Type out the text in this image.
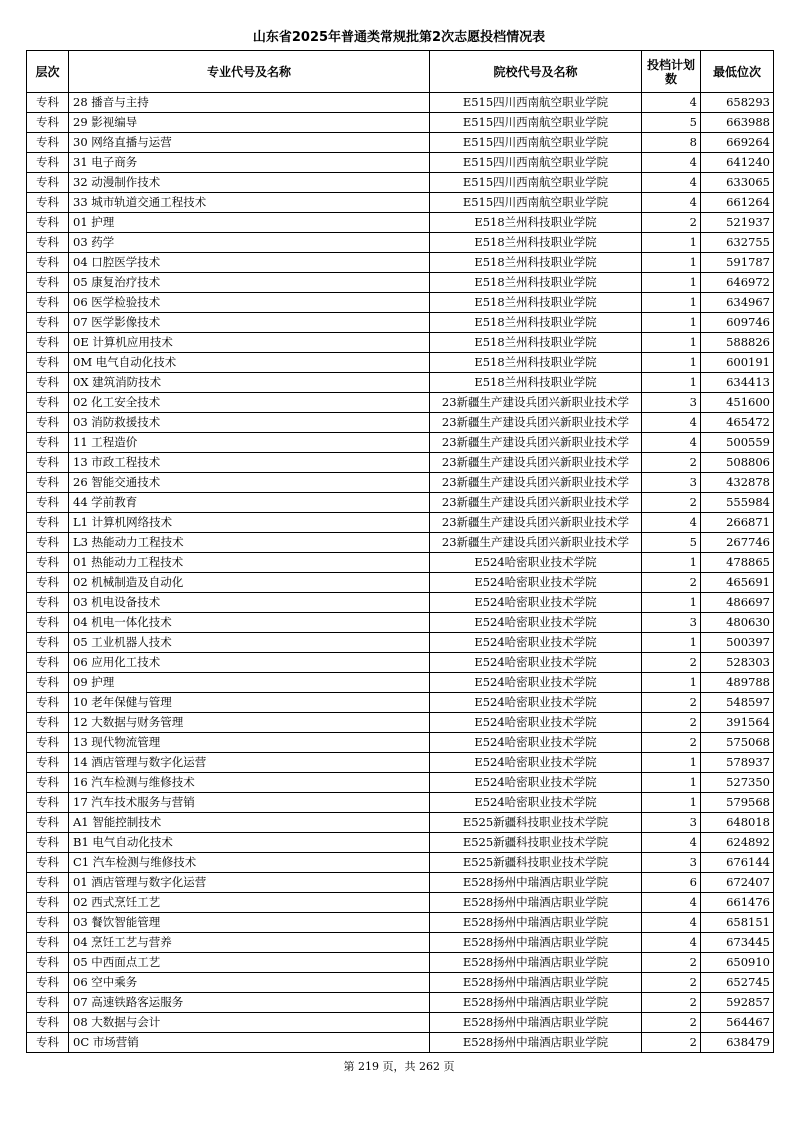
山东省2025年普通类常规批第2次志愿投档情况表
层次	专业代号及名称	院校代号及名称	投档计划数	最低位次
专科	28 播音与主持	E515四川西南航空职业学院	4	658293
专科	29 影视编导	E515四川西南航空职业学院	5	663988
专科	30 网络直播与运营	E515四川西南航空职业学院	8	669264
专科	31 电子商务	E515四川西南航空职业学院	4	641240
专科	32 动漫制作技术	E515四川西南航空职业学院	4	633065
专科	33 城市轨道交通工程技术	E515四川西南航空职业学院	4	661264
专科	01 护理	E518兰州科技职业学院	2	521937
专科	03 药学	E518兰州科技职业学院	1	632755
专科	04 口腔医学技术	E518兰州科技职业学院	1	591787
专科	05 康复治疗技术	E518兰州科技职业学院	1	646972
专科	06 医学检验技术	E518兰州科技职业学院	1	634967
专科	07 医学影像技术	E518兰州科技职业学院	1	609746
专科	0E 计算机应用技术	E518兰州科技职业学院	1	588826
专科	0M 电气自动化技术	E518兰州科技职业学院	1	600191
专科	0X 建筑消防技术	E518兰州科技职业学院	1	634413
专科	02 化工安全技术	23新疆生产建设兵团兴新职业技术学	3	451600
专科	03 消防救援技术	23新疆生产建设兵团兴新职业技术学	4	465472
专科	11 工程造价	23新疆生产建设兵团兴新职业技术学	4	500559
专科	13 市政工程技术	23新疆生产建设兵团兴新职业技术学	2	508806
专科	26 智能交通技术	23新疆生产建设兵团兴新职业技术学	3	432878
专科	44 学前教育	23新疆生产建设兵团兴新职业技术学	2	555984
专科	L1 计算机网络技术	23新疆生产建设兵团兴新职业技术学	4	266871
专科	L3 热能动力工程技术	23新疆生产建设兵团兴新职业技术学	5	267746
专科	01 热能动力工程技术	E524哈密职业技术学院	1	478865
专科	02 机械制造及自动化	E524哈密职业技术学院	2	465691
专科	03 机电设备技术	E524哈密职业技术学院	1	486697
专科	04 机电一体化技术	E524哈密职业技术学院	3	480630
专科	05 工业机器人技术	E524哈密职业技术学院	1	500397
专科	06 应用化工技术	E524哈密职业技术学院	2	528303
专科	09 护理	E524哈密职业技术学院	1	489788
专科	10 老年保健与管理	E524哈密职业技术学院	2	548597
专科	12 大数据与财务管理	E524哈密职业技术学院	2	391564
专科	13 现代物流管理	E524哈密职业技术学院	2	575068
专科	14 酒店管理与数字化运营	E524哈密职业技术学院	1	578937
专科	16 汽车检测与维修技术	E524哈密职业技术学院	1	527350
专科	17 汽车技术服务与营销	E524哈密职业技术学院	1	579568
专科	A1 智能控制技术	E525新疆科技职业技术学院	3	648018
专科	B1 电气自动化技术	E525新疆科技职业技术学院	4	624892
专科	C1 汽车检测与维修技术	E525新疆科技职业技术学院	3	676144
专科	01 酒店管理与数字化运营	E528扬州中瑞酒店职业学院	6	672407
专科	02 西式烹饪工艺	E528扬州中瑞酒店职业学院	4	661476
专科	03 餐饮智能管理	E528扬州中瑞酒店职业学院	4	658151
专科	04 烹饪工艺与营养	E528扬州中瑞酒店职业学院	4	673445
专科	05 中西面点工艺	E528扬州中瑞酒店职业学院	2	650910
专科	06 空中乘务	E528扬州中瑞酒店职业学院	2	652745
专科	07 高速铁路客运服务	E528扬州中瑞酒店职业学院	2	592857
专科	08 大数据与会计	E528扬州中瑞酒店职业学院	2	564467
专科	0C 市场营销	E528扬州中瑞酒店职业学院	2	638479
第 219 页，共 262 页
